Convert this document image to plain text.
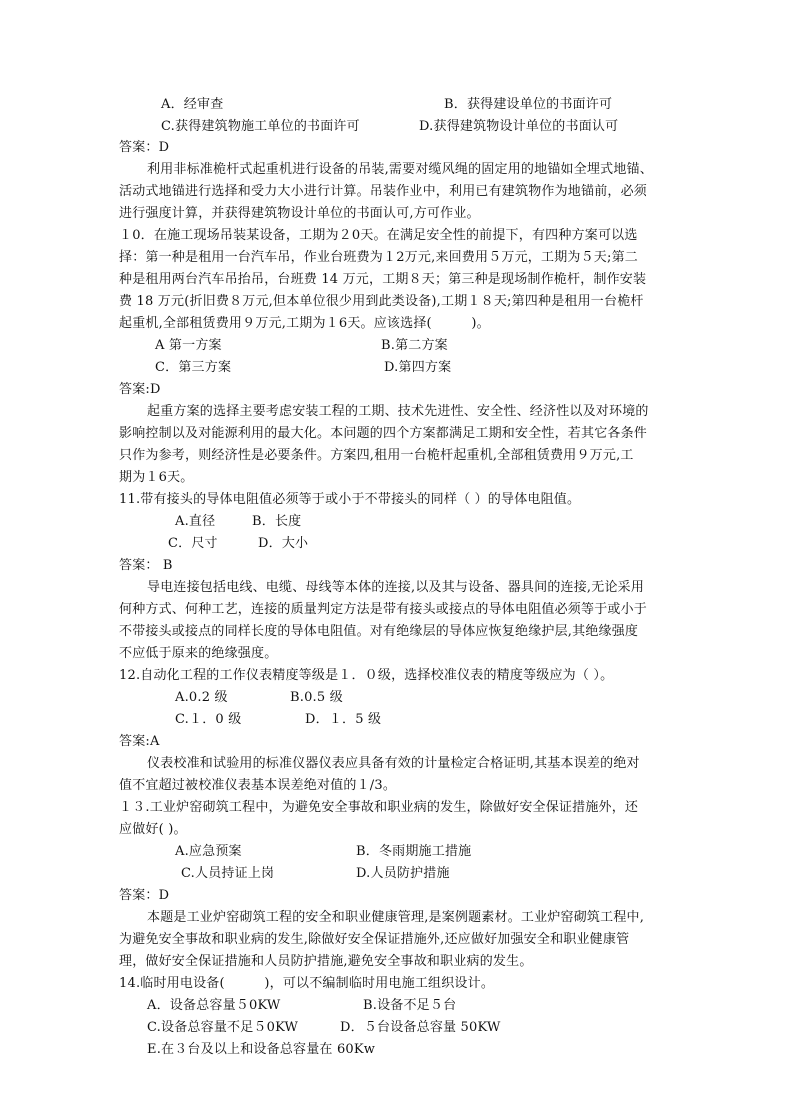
A．经审查	B．获得建设单位的书面许可
C.获得建筑物施工单位的书面许可	D.获得建筑物设计单位的书面认可
答案：D
利用非标准桅杆式起重机进行设备的吊装,需要对缆风绳的固定用的地锚如全埋式地锚、
活动式地锚进行选择和受力大小进行计算。吊装作业中，利用已有建筑物作为地锚前，必须
进行强度计算，并获得建筑物设计单位的书面认可,方可作业。
１0．在施工现场吊装某设备，工期为２0天。在满足安全性的前提下，有四种方案可以选
择：第一种是租用一台汽车吊，作业台班费为１2万元,来回费用５万元，工期为５天;第二
种是租用两台汽车吊抬吊，台班费 14 万元，工期８天；第三种是现场制作桅杆，制作安装
费 18 万元(折旧费８万元,但本单位很少用到此类设备),工期１８天;第四种是租用一台桅杆
起重机,全部租赁费用９万元,工期为１6天。应该选择(　　　)。
A 第一方案	B.第二方案
C．第三方案	D.第四方案
答案:D
起重方案的选择主要考虑安装工程的工期、技术先进性、安全性、经济性以及对环境的
影响控制以及对能源利用的最大化。本问题的四个方案都满足工期和安全性，若其它各条件
只作为参考，则经济性是必要条件。方案四,租用一台桅杆起重机,全部租赁费用９万元,工
期为１6天。
11.带有接头的导体电阻值必须等于或小于不带接头的同样（ ）的导体电阻值。
A.直径	B．长度
C．尺寸	D．大小
答案： B
导电连接包括电线、电缆、母线等本体的连接,以及其与设备、器具间的连接,无论采用
何种方式、何种工艺，连接的质量判定方法是带有接头或接点的导体电阻值必须等于或小于
不带接头或接点的同样长度的导体电阻值。对有绝缘层的导体应恢复绝缘护层,其绝缘强度
不应低于原来的绝缘强度。
12.自动化工程的工作仪表精度等级是１．０级，选择校准仪表的精度等级应为（ ）。
A.0.2 级	B.0.5 级
C.１．0 级	D．１．5 级
答案:A
仪表校准和试验用的标准仪器仪表应具备有效的计量检定合格证明,其基本误差的绝对
值不宜超过被校准仪表基本误差绝对值的１/3。
１３.工业炉窑砌筑工程中，为避免安全事故和职业病的发生，除做好安全保证措施外，还
应做好( )。
A.应急预案	B．冬雨期施工措施
C.人员持证上岗	D.人员防护措施
答案：D
本题是工业炉窑砌筑工程的安全和职业健康管理,是案例题素材。工业炉窑砌筑工程中,
为避免安全事故和职业病的发生,除做好安全保证措施外,还应做好加强安全和职业健康管
理，做好安全保证措施和人员防护措施,避免安全事故和职业病的发生。
14.临时用电设备(　　　)，可以不编制临时用电施工组织设计。
A．设备总容量５0KW	B.设备不足５台
C.设备总容量不足５0KW	D．５台设备总容量 50KW
E.在３台及以上和设备总容量在 60Kw
